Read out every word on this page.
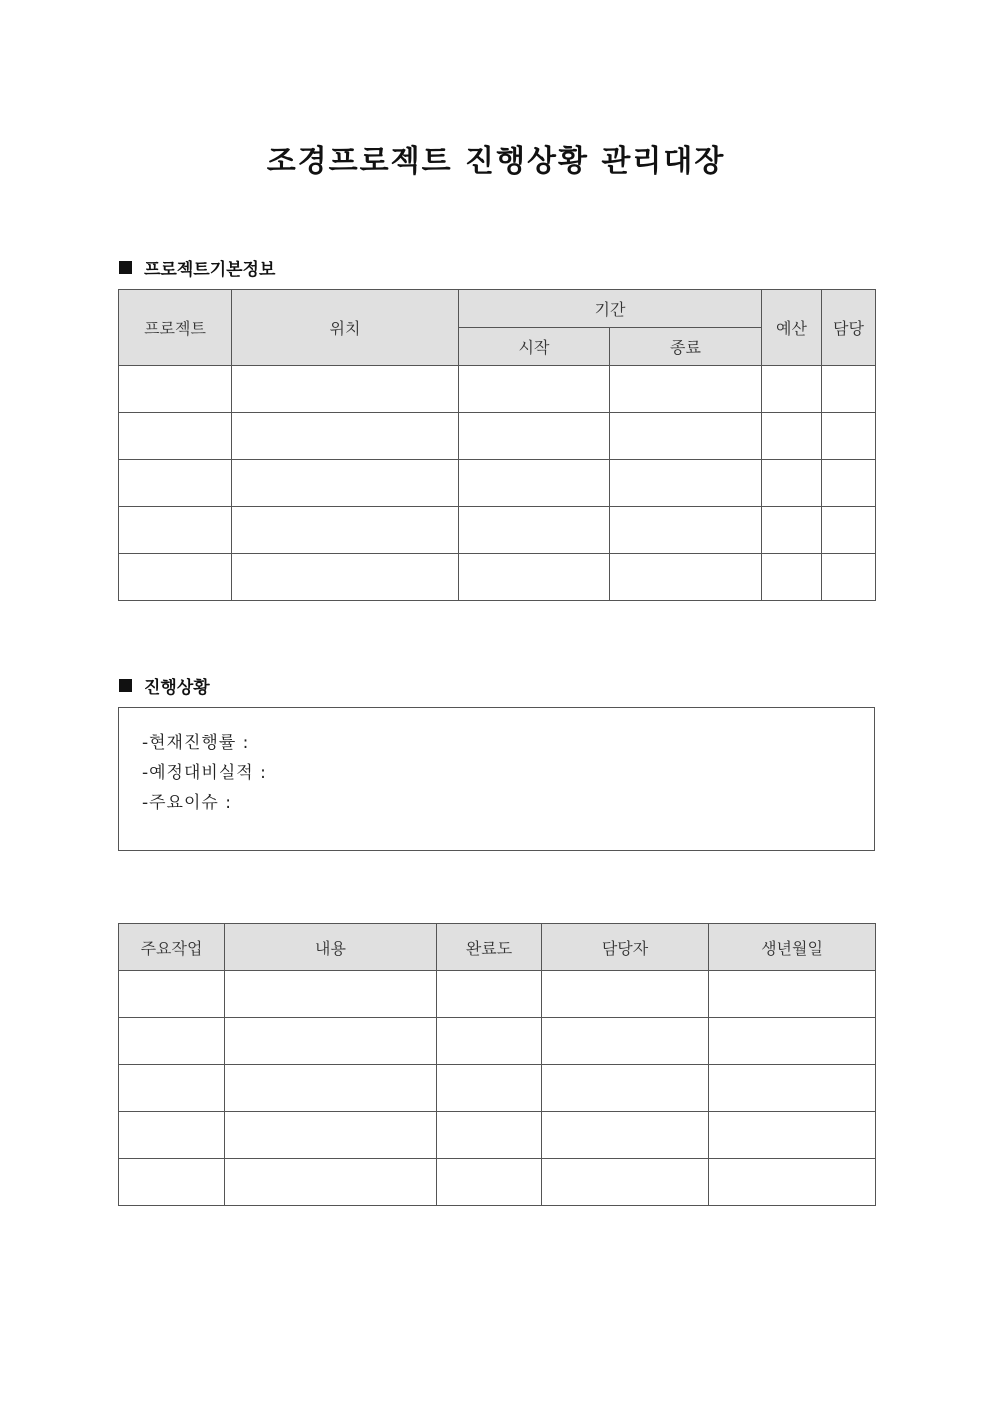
조경프로젝트 진행상황 관리대장
프로젝트기본정보
프로젝트	위치	기간		예산	담당
		시작	종료		

진행상황
-현재진행률 :
-예정대비실적 :
-주요이슈 :
주요작업	내용	완료도	담당자	생년월일
